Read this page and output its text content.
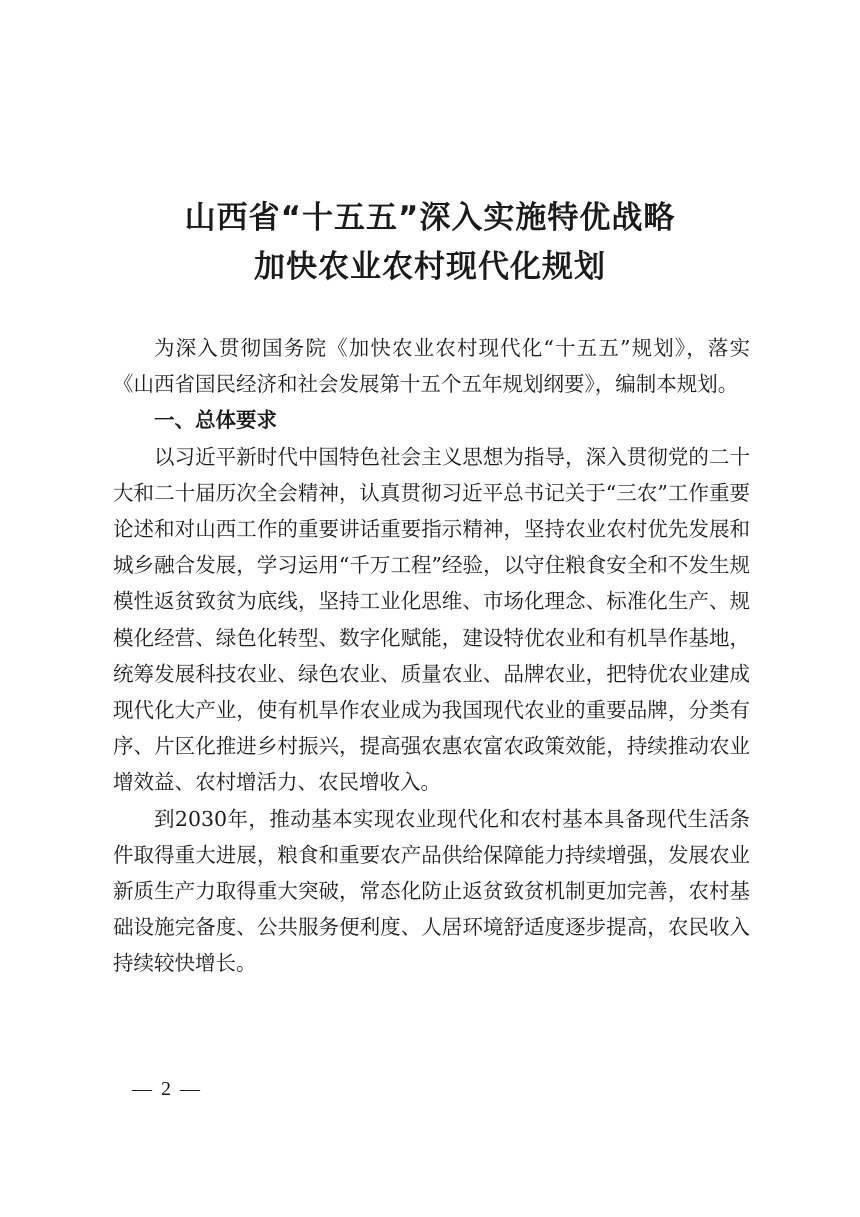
山西省“十五五”深入实施特优战略
加快农业农村现代化规划

为深入贯彻国务院《加快农业农村现代化“十五五”规划》，落实《山西省国民经济和社会发展第十五个五年规划纲要》，编制本规划。

一、总体要求

以习近平新时代中国特色社会主义思想为指导，深入贯彻党的二十大和二十届历次全会精神，认真贯彻习近平总书记关于“三农”工作重要论述和对山西工作的重要讲话重要指示精神，坚持农业农村优先发展和城乡融合发展，学习运用“千万工程”经验，以守住粮食安全和不发生规模性返贫致贫为底线，坚持工业化思维、市场化理念、标准化生产、规模化经营、绿色化转型、数字化赋能，建设特优农业和有机旱作基地，统筹发展科技农业、绿色农业、质量农业、品牌农业，把特优农业建成现代化大产业，使有机旱作农业成为我国现代农业的重要品牌，分类有序、片区化推进乡村振兴，提高强农惠农富农政策效能，持续推动农业增效益、农村增活力、农民增收入。

到2030年，推动基本实现农业现代化和农村基本具备现代生活条件取得重大进展，粮食和重要农产品供给保障能力持续增强，发展农业新质生产力取得重大突破，常态化防止返贫致贫机制更加完善，农村基础设施完备度、公共服务便利度、人居环境舒适度逐步提高，农民收入持续较快增长。

— 2 —
